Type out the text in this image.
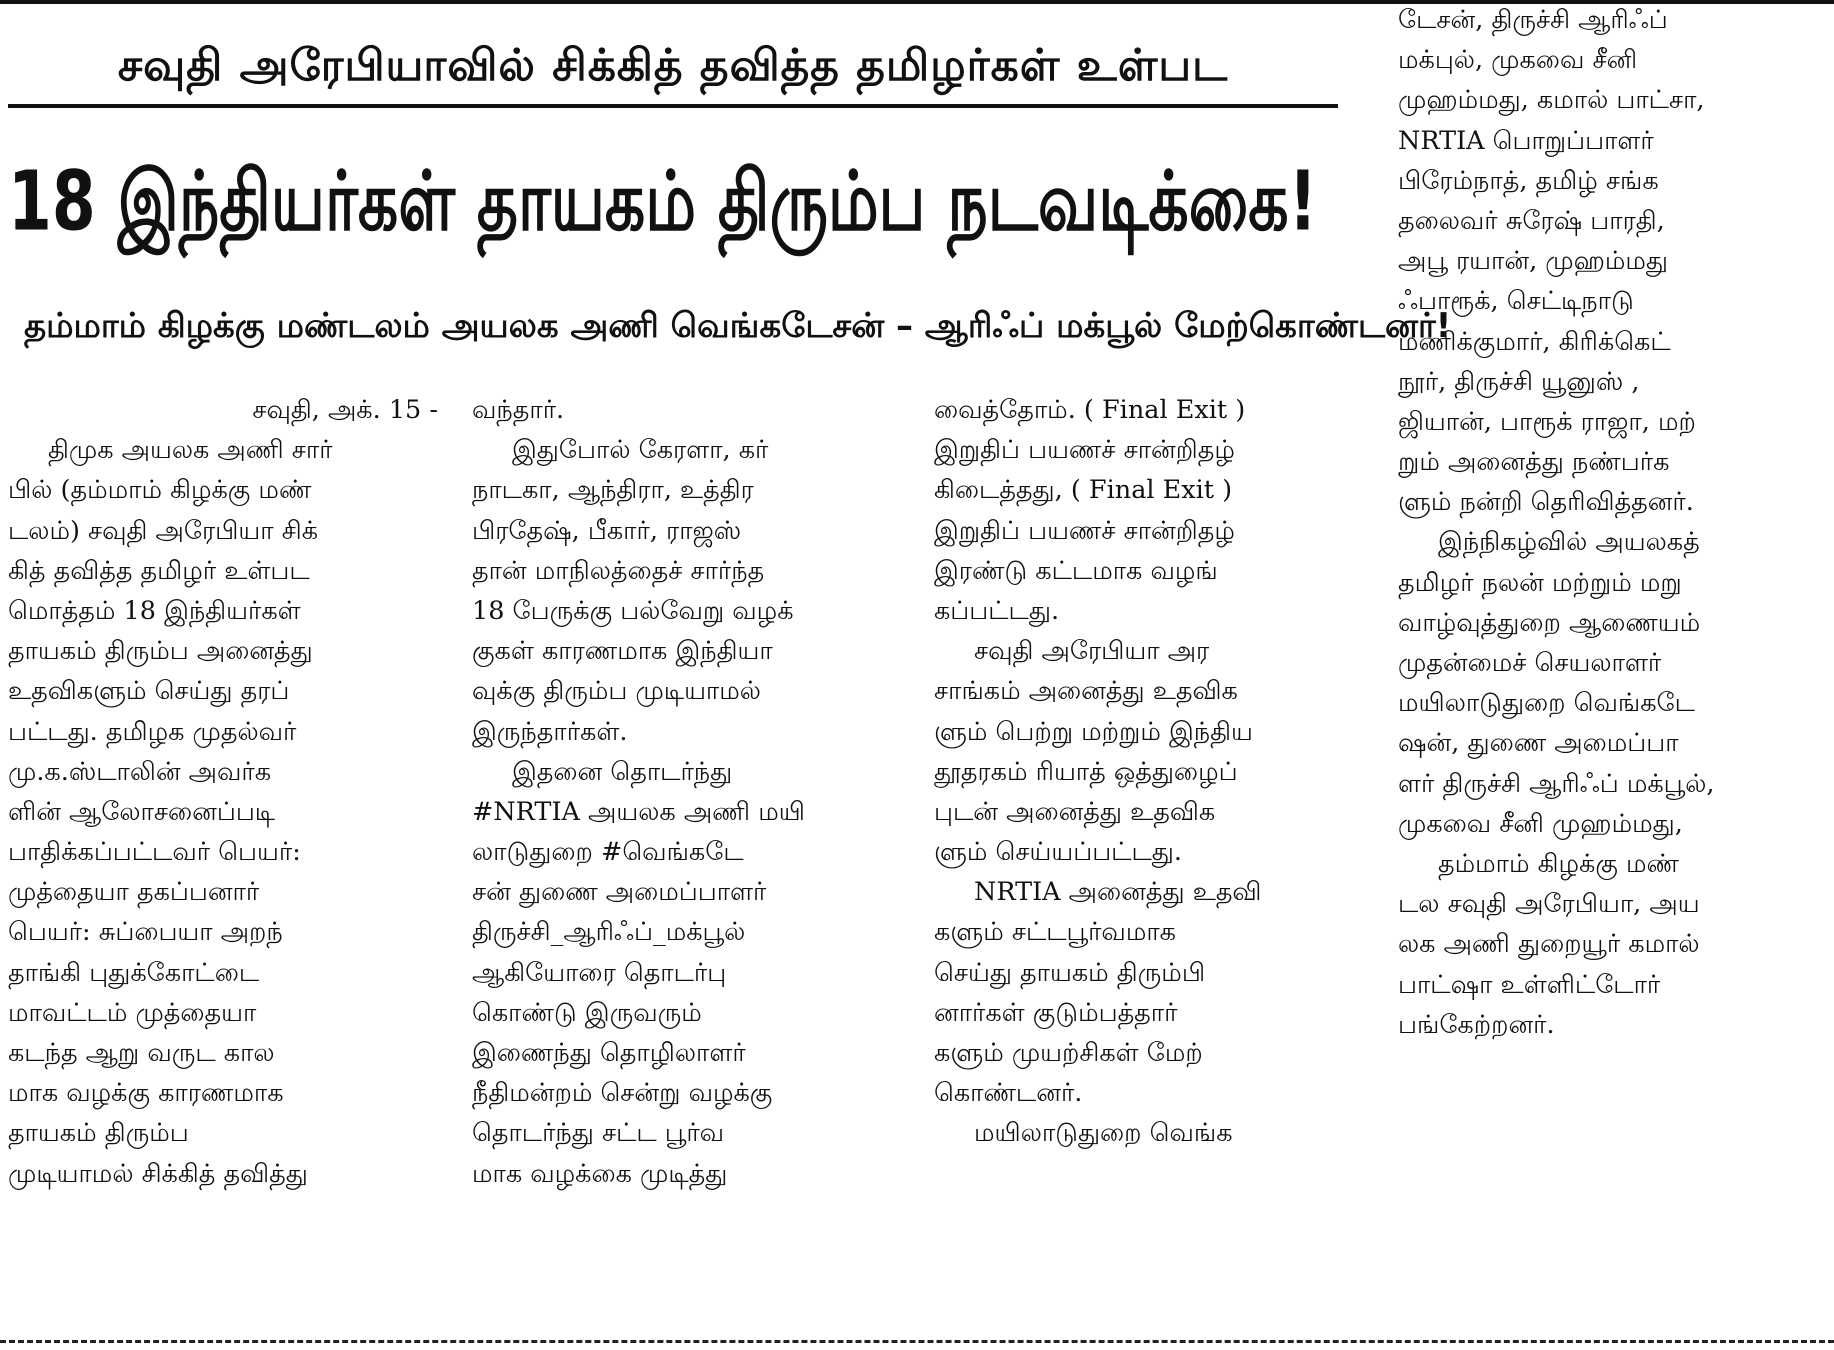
சவுதி அரேபியாவில் சிக்கித் தவித்த தமிழர்கள் உள்பட
18 இந்தியர்கள் தாயகம் திரும்ப நடவடிக்கை!
தம்மாம் கிழக்கு மண்டலம் அயலக அணி வெங்கடேசன் – ஆரிஃப் மக்பூல் மேற்கொண்டனர்!
சவுதி, அக். 15 -
திமுக அயலக அணி சார்
பில் (தம்மாம் கிழக்கு மண்
டலம்) சவுதி அரேபியா சிக்
கித் தவித்த தமிழர் உள்பட
மொத்தம் 18 இந்தியர்கள்
தாயகம் திரும்ப அனைத்து
உதவிகளும் செய்து தரப்
பட்டது. தமிழக முதல்வர்
மு.க.ஸ்டாலின் அவர்க
ளின் ஆலோசனைப்படி
பாதிக்கப்பட்டவர் பெயர்:
முத்தையா தகப்பனார்
பெயர்: சுப்பையா அறந்
தாங்கி புதுக்கோட்டை
மாவட்டம் முத்தையா
கடந்த ஆறு வருட கால
மாக வழக்கு காரணமாக
தாயகம் திரும்ப
முடியாமல் சிக்கித் தவித்து
வந்தார்.
இதுபோல் கேரளா, கர்
நாடகா, ஆந்திரா, உத்திர
பிரதேஷ், பீகார், ராஜஸ்
தான் மாநிலத்தைச் சார்ந்த
18 பேருக்கு பல்வேறு வழக்
குகள் காரணமாக இந்தியா
வுக்கு திரும்ப முடியாமல்
இருந்தார்கள்.
இதனை தொடர்ந்து
#NRTIA அயலக அணி மயி
லாடுதுறை #வெங்கடே
சன் துணை அமைப்பாளர்
திருச்சி_ஆரிஃப்_மக்பூல்
ஆகியோரை தொடர்பு
கொண்டு இருவரும்
இணைந்து தொழிலாளர்
நீதிமன்றம் சென்று வழக்கு
தொடர்ந்து சட்ட பூர்வ
மாக வழக்கை முடித்து
வைத்தோம். ( Final Exit )
இறுதிப் பயணச் சான்றிதழ்
கிடைத்தது, ( Final Exit )
இறுதிப் பயணச் சான்றிதழ்
இரண்டு கட்டமாக வழங்
கப்பட்டது.
சவுதி அரேபியா அர
சாங்கம் அனைத்து உதவிக
ளும் பெற்று மற்றும் இந்திய
தூதரகம் ரியாத் ஒத்துழைப்
புடன் அனைத்து உதவிக
ளும் செய்யப்பட்டது.
NRTIA அனைத்து உதவி
களும் சட்டபூர்வமாக
செய்து தாயகம் திரும்பி
னார்கள் குடும்பத்தார்
களும் முயற்சிகள் மேற்
கொண்டனர்.
மயிலாடுதுறை வெங்க
டேசன், திருச்சி ஆரிஃப்
மக்புல், முகவை சீனி
முஹம்மது, கமால் பாட்சா,
NRTIA பொறுப்பாளர்
பிரேம்நாத், தமிழ் சங்க
தலைவர் சுரேஷ் பாரதி,
அபூ ரயான், முஹம்மது
ஃபாரூக், செட்டிநாடு
மணிக்குமார், கிரிக்கெட்
நூர், திருச்சி யூனுஸ் ,
ஜியான், பாரூக் ராஜா, மற்
றும் அனைத்து நண்பர்க
ளும் நன்றி தெரிவித்தனர்.
இந்நிகழ்வில் அயலகத்
தமிழர் நலன் மற்றும் மறு
வாழ்வுத்துறை ஆணையம்
முதன்மைச் செயலாளர்
மயிலாடுதுறை வெங்கடே
ஷன், துணை அமைப்பா
ளர் திருச்சி ஆரிஃப் மக்பூல்,
முகவை சீனி முஹம்மது,
தம்மாம் கிழக்கு மண்
டல சவுதி அரேபியா, அய
லக அணி துறையூர் கமால்
பாட்ஷா உள்ளிட்டோர்
பங்கேற்றனர்.
